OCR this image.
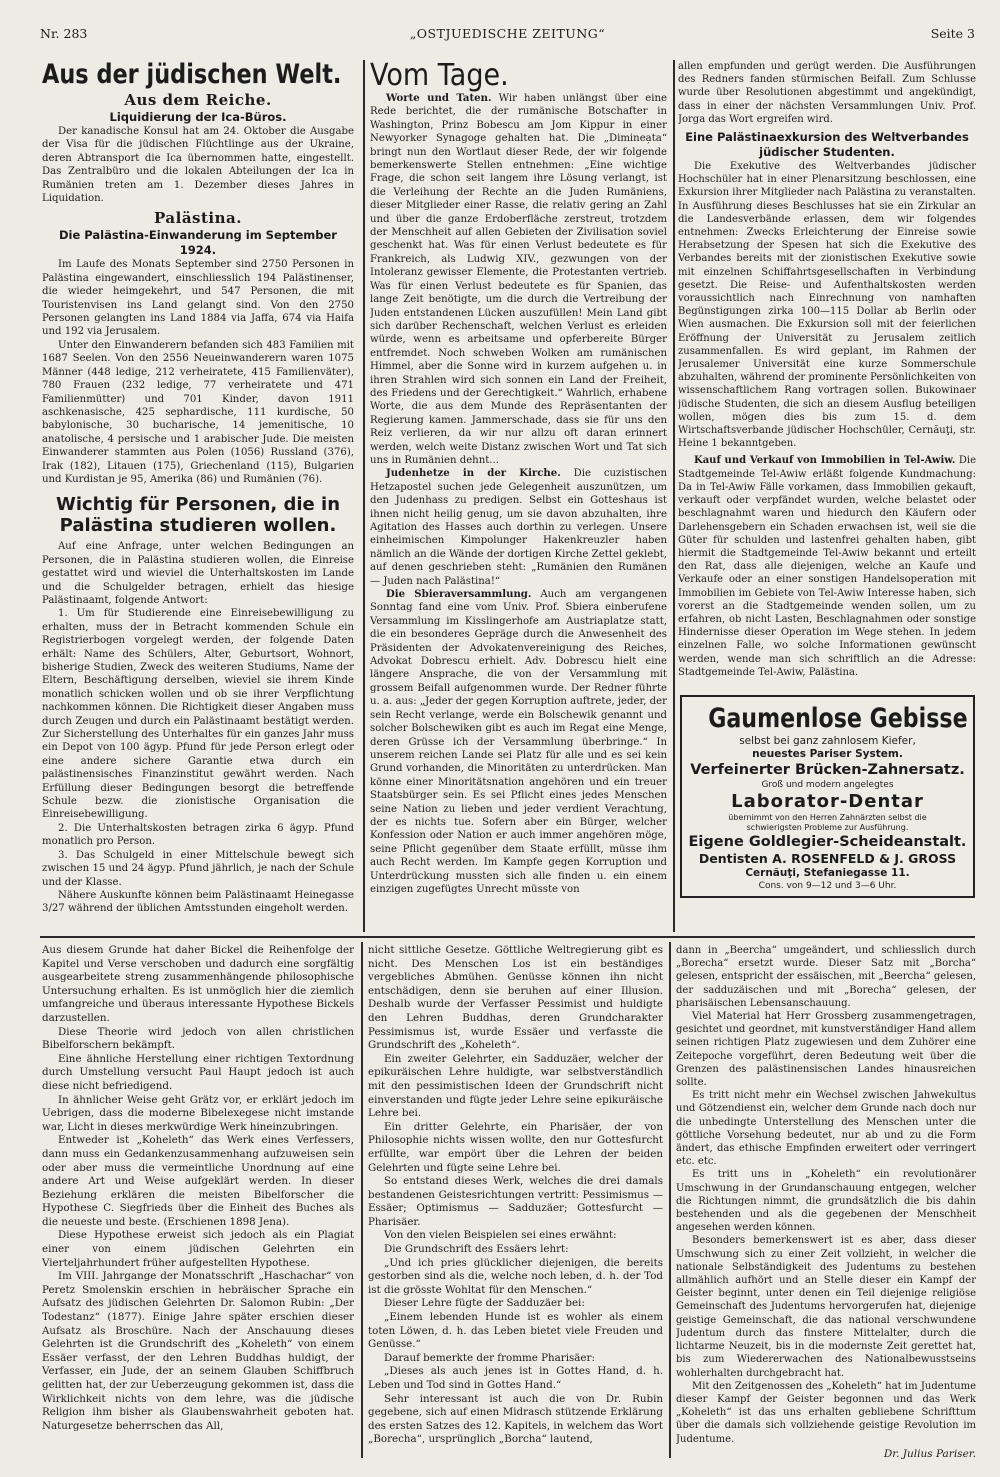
Nr. 283	„OSTJUEDISCHE ZEITUNG“	Seite 3
Aus der jüdischen Welt.
Aus dem Reiche.
Liquidierung der Ica-Büros.

Der kanadische Konsul hat am 24. Oktober die Ausgabe der Visa für die jüdischen Flüchtlinge aus der Ukraine, deren Abtransport die Ica übernommen hatte, eingestellt. Das Zentralbüro und die lokalen Abteilungen der Ica in Rumänien treten am 1. Dezember dieses Jahres in Liquidation.

Palästina.
Die Palästina-Einwanderung im September 1924.

Im Laufe des Monats September sind 2750 Personen in Palästina eingewandert, einschliesslich 194 Palästinenser, die wieder heimgekehrt, und 547 Personen, die mit Touristenvisen ins Land gelangt sind. Von den 2750 Personen gelangten ins Land 1884 via Jaffa, 674 via Haifa und 192 via Jerusalem.

Unter den Einwanderern befanden sich 483 Familien mit 1687 Seelen. Von den 2556 Neueinwanderern waren 1075 Männer (448 ledige, 212 verheiratete, 415 Familienväter), 780 Frauen (232 ledige, 77 verheiratete und 471 Familienmütter) und 701 Kinder, davon 1911 aschkenasische, 425 sephardische, 111 kurdische, 50 babylonische, 30 bucharische, 14 jemenitische, 10 anatolische, 4 persische und 1 arabischer Jude. Die meisten Einwanderer stammten aus Polen (1056) Russland (376), Irak (182), Litauen (175), Griechenland (115), Bulgarien und Kurdistan je 95, Amerika (86) und Rumänien (76).

Wichtig für Personen, die in Palästina studieren wollen.

Auf eine Anfrage, unter welchen Bedingungen an Personen, die in Palästina studieren wollen, die Einreise gestattet wird und wieviel die Unterhaltskosten im Lande und die Schulgelder betragen, erhielt das hiesige Palästinaamt, folgende Antwort:

1. Um für Studierende eine Einreisebewilligung zu erhalten, muss der in Betracht kommenden Schule ein Registrierbogen vorgelegt werden, der folgende Daten erhält: Name des Schülers, Alter, Geburtsort, Wohnort, bisherige Studien, Zweck des weiteren Studiums, Name der Eltern, Beschäftigung derselben, wieviel sie ihrem Kinde monatlich schicken wollen und ob sie ihrer Verpflichtung nachkommen können. Die Richtigkeit dieser Angaben muss durch Zeugen und durch ein Palästinaamt bestätigt werden. Zur Sicherstellung des Unterhaltes für ein ganzes Jahr muss ein Depot von 100 ägyp. Pfund für jede Person erlegt oder eine andere sichere Garantie etwa durch ein palästinensisches Finanzinstitut gewährt werden. Nach Erfüllung dieser Bedingungen besorgt die betreffende Schule bezw. die zionistische Organisation die Einreisebewilligung.

2. Die Unterhaltskosten betragen zirka 6 ägyp. Pfund monatlich pro Person.

3. Das Schulgeld in einer Mittelschule bewegt sich zwischen 15 und 24 ägyp. Pfund jährlich, je nach der Schule und der Klasse.

Nähere Auskunfte können beim Palästinaamt Heinegasse 3/27 während der üblichen Amtsstunden eingeholt werden.

Vom Tage.

Worte und Taten. Wir haben unlängst über eine Rede berichtet, die der rumänische Botschafter in Washington, Prinz Bobescu am Jom Kippur in einer Newyorker Synagoge gehalten hat. Die „Diminea̦ta“ bringt nun den Wortlaut dieser Rede, der wir folgende bemerkenswerte Stellen entnehmen: „Eine wichtige Frage, die schon seit langem ihre Lösung verlangt, ist die Verleihung der Rechte an die Juden Rumäniens, dieser Mitglieder einer Rasse, die relativ gering an Zahl und über die ganze Erdoberfläche zerstreut, trotzdem der Menschheit auf allen Gebieten der Zivilisation soviel geschenkt hat. Was für einen Verlust bedeutete es für Frankreich, als Ludwig XIV., gezwungen von der Intoleranz gewisser Elemente, die Protestanten vertrieb. Was für einen Verlust bedeutete es für Spanien, das lange Zeit benötigte, um die durch die Vertreibung der Juden entstandenen Lücken auszufüllen! Mein Land gibt sich darüber Rechenschaft, welchen Verlust es erleiden würde, wenn es arbeitsame und opferbereite Bürger entfremdet. Noch schweben Wolken am rumänischen Himmel, aber die Sonne wird in kurzem aufgehen u. in ihren Strahlen wird sich sonnen ein Land der Freiheit, des Friedens und der Gerechtigkeit.“ Wahrlich, erhabene Worte, die aus dem Munde des Repräsentanten der Regierung kamen. Jammerschade, dass sie für uns den Reiz verlieren, da wir nur allzu oft daran erinnert werden, welch weite Distanz zwischen Wort und Tat sich uns in Rumänien dehnt...

Judenhetze in der Kirche. Die cuzistischen Hetzapostel suchen jede Gelegenheit auszunützen, um den Judenhass zu predigen. Selbst ein Gotteshaus ist ihnen nicht heilig genug, um sie davon abzuhalten, ihre Agitation des Hasses auch dorthin zu verlegen. Unsere einheimischen Kimpolunger Hakenkreuzler haben nämlich an die Wände der dortigen Kirche Zettel geklebt, auf denen geschrieben steht: „Rumänien den Rumänen — Juden nach Palästina!“

Die Sbieraversammlung. Auch am vergangenen Sonntag fand eine vom Univ. Prof. Sbiera einberufene Versammlung im Kisslingerhofe am Austriaplatze statt, die ein besonderes Gepräge durch die Anwesenheit des Präsidenten der Advokatenvereinigung des Reiches, Advokat Dobrescu erhielt. Adv. Dobrescu hielt eine längere Ansprache, die von der Versammlung mit grossem Beifall aufgenommen wurde. Der Redner führte u. a. aus: „Jeder der gegen Korruption auftrete, jeder, der sein Recht verlange, werde ein Bolschewik genannt und solcher Bolschewiken gibt es auch im Regat eine Menge, deren Grüsse ich der Versammlung überbringe.“ In unserem reichen Lande sei Platz für alle und es sei kein Grund vorhanden, die Minoritäten zu unterdrücken. Man könne einer Minoritätsnation angehören und ein treuer Staatsbürger sein. Es sei Pflicht eines jedes Menschen seine Nation zu lieben und jeder verdient Verachtung, der es nichts tue. Sofern aber ein Bürger, welcher Konfession oder Nation er auch immer angehören möge, seine Pflicht gegenüber dem Staate erfüllt, müsse ihm auch Recht werden. Im Kampfe gegen Korruption und Unterdrückung mussten sich alle finden u. ein einem einzigen zugefügtes Unrecht müsste von

allen empfunden und gerügt werden. Die Ausführungen des Redners fanden stürmischen Beifall. Zum Schlusse wurde über Resolutionen abgestimmt und angekündigt, dass in einer der nächsten Versammlungen Univ. Prof. Jorga das Wort ergreifen wird.

Eine Palästinaexkursion des Weltverbandes jüdischer Studenten.

Die Exekutive des Weltverbandes jüdischer Hochschüler hat in einer Plenarsitzung beschlossen, eine Exkursion ihrer Mitglieder nach Palästina zu veranstalten. In Ausführung dieses Beschlusses hat sie ein Zirkular an die Landesverbände erlassen, dem wir folgendes entnehmen: Zwecks Erleichterung der Einreise sowie Herabsetzung der Spesen hat sich die Exekutive des Verbandes bereits mit der zionistischen Exekutive sowie mit einzelnen Schiffahrtsgesellschaften in Verbindung gesetzt. Die Reise- und Aufenthaltskosten werden voraussichtlich nach Einrechnung von namhaften Begünstigungen zirka 100—115 Dollar ab Berlin oder Wien ausmachen. Die Exkursion soll mit der feierlichen Eröffnung der Universität zu Jerusalem zeitlich zusammenfallen. Es wird geplant, im Rahmen der Jerusalemer Universität eine kurze Sommerschule abzuhalten, während der prominente Persönlichkeiten von wissenschaftlichem Rang vortragen sollen. Bukowinaer jüdische Studenten, die sich an diesem Ausflug beteiligen wollen, mögen dies bis zum 15. d. dem Wirtschaftsverbande jüdischer Hochschüler, Cernăuţi, str. Heine 1 bekanntgeben.

Kauf und Verkauf von Immobilien in Tel-Awiw. Die Stadtgemeinde Tel-Awiw erläßt folgende Kundmachung: Da in Tel-Awiw Fälle vorkamen, dass Immobilien gekauft, verkauft oder verpfändet wurden, welche belastet oder beschlagnahmt waren und hiedurch den Käufern oder Darlehensgebern ein Schaden erwachsen ist, weil sie die Güter für schulden und lastenfrei gehalten haben, gibt hiermit die Stadtgemeinde Tel-Awiw bekannt und erteilt den Rat, dass alle diejenigen, welche an Kaufe und Verkaufe oder an einer sonstigen Handelsoperation mit Immobilien im Gebiete von Tel-Awiw Interesse haben, sich vorerst an die Stadtgemeinde wenden sollen, um zu erfahren, ob nicht Lasten, Beschlagnahmen oder sonstige Hindernisse dieser Operation im Wege stehen. In jedem einzelnen Falle, wo solche Informationen gewünscht werden, wende man sich schriftlich an die Adresse: Stadtgemeinde Tel-Awiw, Palästina.

Gaumenlose Gebisse
selbst bei ganz zahnlosem Kiefer,
neuestes Pariser System.
Verfeinerter Brücken-Zahnersatz.
Groß und modern angelegtes
Laborator-Dentar
übernimmt von den Herren Zahnärzten selbst die schwierigsten Probleme zur Ausführung.
Eigene Goldlegier-Scheideanstalt.
Dentisten A. ROSENFELD & J. GROSS
Cernăuţi, Stefaniegasse 11.
Cons. von 9—12 und 3—6 Uhr.

Aus diesem Grunde hat daher Bickel die Reihenfolge der Kapitel und Verse verschoben und dadurch eine sorgfältig ausgearbeitete streng zusammenhängende philosophische Untersuchung erhalten. Es ist unmöglich hier die ziemlich umfangreiche und überaus interessante Hypothese Bickels darzustellen.

Diese Theorie wird jedoch von allen christlichen Bibelforschern bekämpft.

Eine ähnliche Herstellung einer richtigen Textordnung durch Umstellung versucht Paul Haupt jedoch ist auch diese nicht befriedigend.

In ähnlicher Weise geht Grätz vor, er erklärt jedoch im Uebrigen, dass die moderne Bibelexegese nicht imstande war, Licht in dieses merkwürdige Werk hineinzubringen.

Entweder ist „Koheleth“ das Werk eines Verfessers, dann muss ein Gedankenzusammenhang aufzuweisen sein oder aber muss die vermeintliche Unordnung auf eine andere Art und Weise aufgeklärt werden. In dieser Beziehung erklären die meisten Bibelforscher die Hypothese C. Siegfrieds über die Einheit des Buches als die neueste und beste. (Erschienen 1898 Jena).

Diese Hypothese erweist sich jedoch als ein Plagiat einer von einem jüdischen Gelehrten ein Vierteljahrhundert früher aufgestellten Hypothese.

Im VIII. Jahrgange der Monatsschrift „Haschachar“ von Peretz Smolenskin erschien in hebräischer Sprache ein Aufsatz des jüdischen Gelehrten Dr. Salomon Rubin: „Der Todestanz“ (1877). Einige Jahre später erschien dieser Aufsatz als Broschüre. Nach der Anschauung dieses Gelehrten ist die Grundschrift des „Koheleth“ von einem Essäer verfasst, der den Lehren Buddhas huldigt, der Verfasser, ein Jude, der an seinem Glauben Schiffbruch gelitten hat, der zur Ueberzeugung gekommen ist, dass die Wirklichkeit nichts von dem lehre, was die jüdische Religion ihm bisher als Glaubenswahrheit geboten hat. Naturgesetze beherrschen das All,

nicht sittliche Gesetze. Göttliche Weltregierung gibt es nicht. Des Menschen Los ist ein beständiges vergebliches Abmühen. Genüsse können ihn nicht entschädigen, denn sie beruhen auf einer Illusion. Deshalb wurde der Verfasser Pessimist und huldigte den Lehren Buddhas, deren Grundcharakter Pessimismus ist, wurde Essäer und verfasste die Grundschrift des „Koheleth“.

Ein zweiter Gelehrter, ein Sadduzäer, welcher der epikuräischen Lehre huldigte, war selbstverständlich mit den pessimistischen Ideen der Grundschrift nicht einverstanden und fügte jeder Lehre seine epikuräische Lehre bei.

Ein dritter Gelehrte, ein Pharisäer, der von Philosophie nichts wissen wollte, den nur Gottesfurcht erfüllte, war empört über die Lehren der beiden Gelehrten und fügte seine Lehre bei.

So entstand dieses Werk, welches die drei damals bestandenen Geistesrichtungen vertritt: Pessimismus — Essäer; Optimismus — Sadduzäer; Gottesfurcht — Pharisäer.

Von den vielen Beispielen sei eines erwähnt:

Die Grundschrift des Essäers lehrt:

„Und ich pries glücklicher diejenigen, die bereits gestorben sind als die, welche noch leben, d. h. der Tod ist die grösste Wohltat für den Menschen.“

Dieser Lehre fügte der Sadduzäer bei:

„Einem lebenden Hunde ist es wohler als einem toten Löwen, d. h. das Leben bietet viele Freuden und Genüsse.“

Darauf bemerkte der fromme Pharisäer:

„Dieses als auch jenes ist in Gottes Hand, d. h. Leben und Tod sind in Gottes Hand.“

Sehr interessant ist auch die von Dr. Rubin gegebene, sich auf einen Midrasch stützende Erklärung des ersten Satzes des 12. Kapitels, in welchem das Wort „Borecha“, ursprünglich „Borcha“ lautend,

dann in „Beercha“ umgeändert, und schliesslich durch „Borecha“ ersetzt wurde. Dieser Satz mit „Borcha“ gelesen, entspricht der essäischen, mit „Beercha“ gelesen, der sadduzäischen und mit „Borecha“ gelesen, der pharisäischen Lebensanschauung.

Viel Material hat Herr Grossberg zusammengetragen, gesichtet und geordnet, mit kunstverständiger Hand allem seinen richtigen Platz zugewiesen und dem Zuhörer eine Zeitepoche vorgeführt, deren Bedeutung weit über die Grenzen des palästinensischen Landes hinausreichen sollte.

Es tritt nicht mehr ein Wechsel zwischen Jahwekultus und Götzendienst ein, welcher dem Grunde nach doch nur die unbedingte Unterstellung des Menschen unter die göttliche Vorsehung bedeutet, nur ab und zu die Form ändert, das ethische Empfinden erweitert oder verringert etc. etc.

Es tritt uns in „Koheleth“ ein revolutionärer Umschwung in der Grundanschauung entgegen, welcher die Richtungen nimmt, die grundsätzlich die bis dahin bestehenden und als die gegebenen der Menschheit angesehen werden können.

Besonders bemerkenswert ist es aber, dass dieser Umschwung sich zu einer Zeit vollzieht, in welcher die nationale Selbständigkeit des Judentums zu bestehen allmählich aufhört und an Stelle dieser ein Kampf der Geister beginnt, unter denen ein Teil diejenige religiöse Gemeinschaft des Judentums hervorgerufen hat, diejenige geistige Gemeinschaft, die das national verschwundene Judentum durch das finstere Mittelalter, durch die lichtarme Neuzeit, bis in die modernste Zeit gerettet hat, bis zum Wiedererwachen des Nationalbewusstseins wohlerhalten durchgebracht hat.

Mit den Zeitgenossen des „Koheleth“ hat im Judentume dieser Kampf der Geister begonnen und das Werk „Koheleth“ ist das uns erhalten gebliebene Schrifttum über die damals sich vollziehende geistige Revolution im Judentume.

Dr. Julius Pariser.
